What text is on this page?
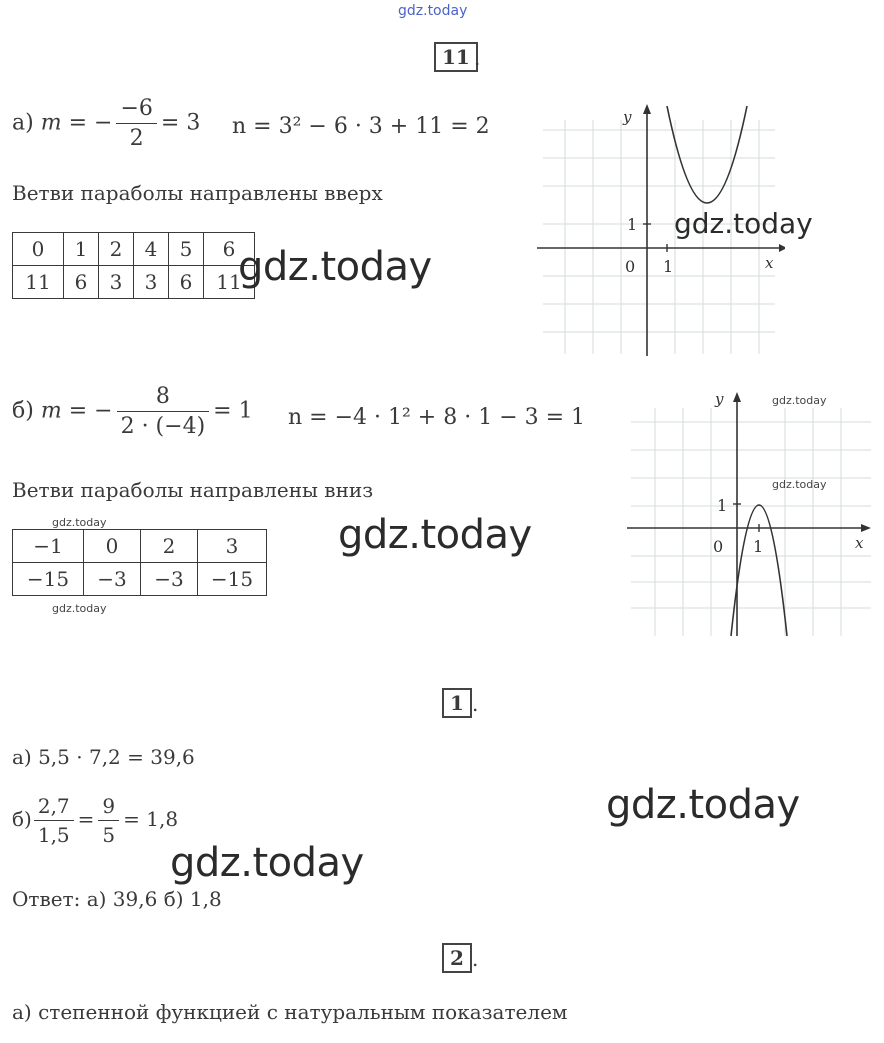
gdz.today
11 .
а) m = − $\frac{-6}{2} = 3$ n = 3² − 6 · 3 + 11 = 2
Ветви параболы направлены вверх
0	1	2	4	5	6
11	6	3	3	6	11
gdz.today
y
x
0 1
1 gdz.today
б) m = − $\frac{8}{2 \cdot (-4)} = 1$ n = −4 · 1² + 8 · 1 − 3 = 1
Ветви параболы направлены вниз
gdz.today
−1	0	2	3
−15	−3	−3	−15
gdz.today
gdz.today
y
x
0 1
1
gdz.today
gdz.today
1 .
а) 5,5 · 7,2 = 39,6
$б) \frac{2,7}{1,5} = \frac{9}{5} = 1,8$	gdz.today
gdz.today
Ответ: а) 39,6 б) 1,8
2 .
а) степенной функцией с натуральным показателем
